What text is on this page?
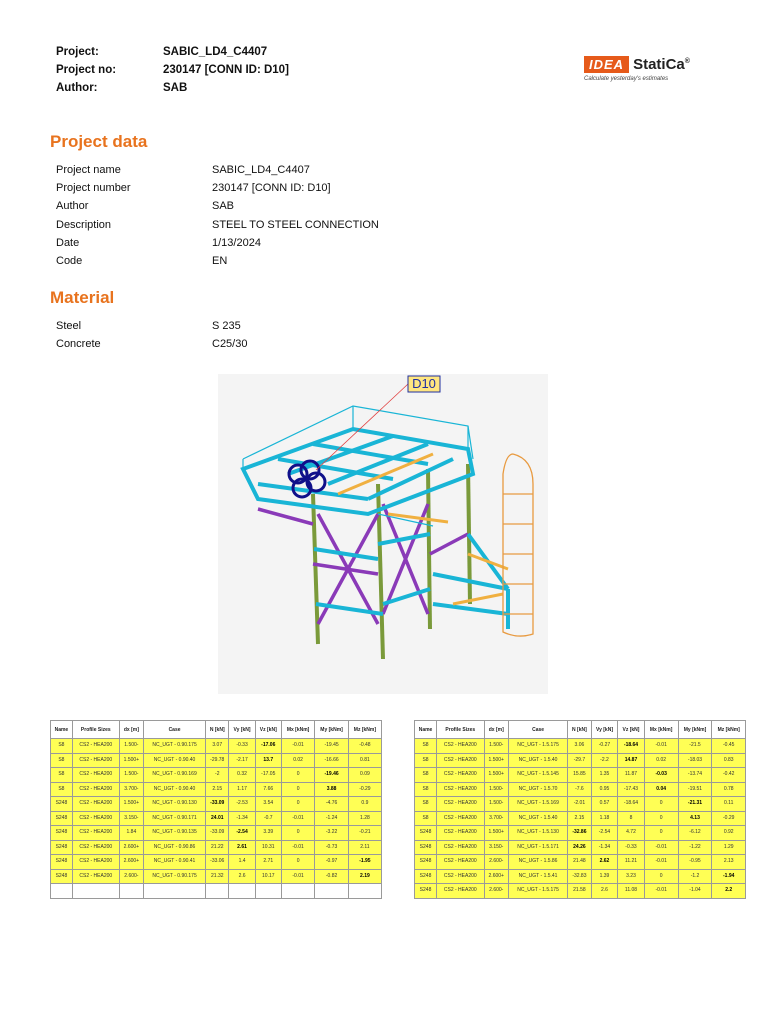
Project:	SABIC_LD4_C4407
Project no:	230147 [CONN ID: D10]
Author:	SAB
IDEA StatiCa®
Calculate yesterday's estimates
Project data
Project name	SABIC_LD4_C4407
Project number	230147 [CONN ID: D10]
Author	SAB
Description	STEEL TO STEEL CONNECTION
Date	1/13/2024
Code	EN
Material
Steel	S 235
Concrete	C25/30
D10
Name	Profile Sizes	dx [m]	Case	N [kN]	Vy [kN]	Vz [kN]	Mx [kNm]	My [kNm]	Mz [kNm]
S8	CS2 - HEA200	1.500-	NC_UGT - 0.90.175	3.07	-0.33	-17.06	-0.01	-19.45	-0.48
S8	CS2 - HEA200	1.500+	NC_UGT - 0.90.40	-29.78	-2.17	13.7	0.02	-16.66	0.81
S8	CS2 - HEA200	1.500-	NC_UGT - 0.90.169	-2	0.32	-17.05	0	-19.46	0.09
S8	CS2 - HEA200	3.700-	NC_UGT - 0.90.40	2.15	1.17	7.66	0	3.88	-0.29
S248	CS2 - HEA200	1.500+	NC_UGT - 0.90.130	-33.09	-2.53	3.54	0	-4.76	0.9
S248	CS2 - HEA200	3.150-	NC_UGT - 0.90.171	24.01	-1.34	-0.7	-0.01	-1.24	1.28
S248	CS2 - HEA200	1.84	NC_UGT - 0.90.135	-33.09	-2.54	3.39	0	-3.22	-0.21
S248	CS2 - HEA200	2.600+	NC_UGT - 0.90.86	21.22	2.61	10.31	-0.01	-0.73	2.11
S248	CS2 - HEA200	2.600+	NC_UGT - 0.90.41	-33.06	1.4	2.71	0	-0.97	-1.95
S248	CS2 - HEA200	2.600-	NC_UGT - 0.90.175	21.32	2.6	10.17	-0.01	-0.82	2.19

Name	Profile Sizes	dx [m]	Case	N [kN]	Vy [kN]	Vz [kN]	Mx [kNm]	My [kNm]	Mz [kNm]
S8	CS2 - HEA200	1.500-	NC_UGT - 1.5.175	3.06	-0.27	-18.64	-0.01	-21.5	-0.45
S8	CS2 - HEA200	1.500+	NC_UGT - 1.5.40	-29.7	-2.2	14.87	0.02	-18.03	0.83
S8	CS2 - HEA200	1.500+	NC_UGT - 1.5.145	15.85	1.35	11.87	-0.03	-13.74	-0.42
S8	CS2 - HEA200	1.500-	NC_UGT - 1.5.70	-7.6	0.95	-17.43	0.04	-19.51	0.78
S8	CS2 - HEA200	1.500-	NC_UGT - 1.5.169	-2.01	0.57	-18.64	0	-21.31	0.11
S8	CS2 - HEA200	3.700-	NC_UGT - 1.5.40	2.15	1.18	8	0	4.13	-0.29
S248	CS2 - HEA200	1.500+	NC_UGT - 1.5.130	-32.86	-2.54	4.72	0	-6.12	0.92
S248	CS2 - HEA200	3.150-	NC_UGT - 1.5.171	24.26	-1.34	-0.33	-0.01	-1.22	1.29
S248	CS2 - HEA200	2.600-	NC_UGT - 1.5.86	21.48	2.62	11.21	-0.01	-0.95	2.13
S248	CS2 - HEA200	2.600+	NC_UGT - 1.5.41	-32.83	1.39	3.23	0	-1.2	-1.94
S248	CS2 - HEA200	2.600-	NC_UGT - 1.5.175	21.58	2.6	11.08	-0.01	-1.04	2.2
